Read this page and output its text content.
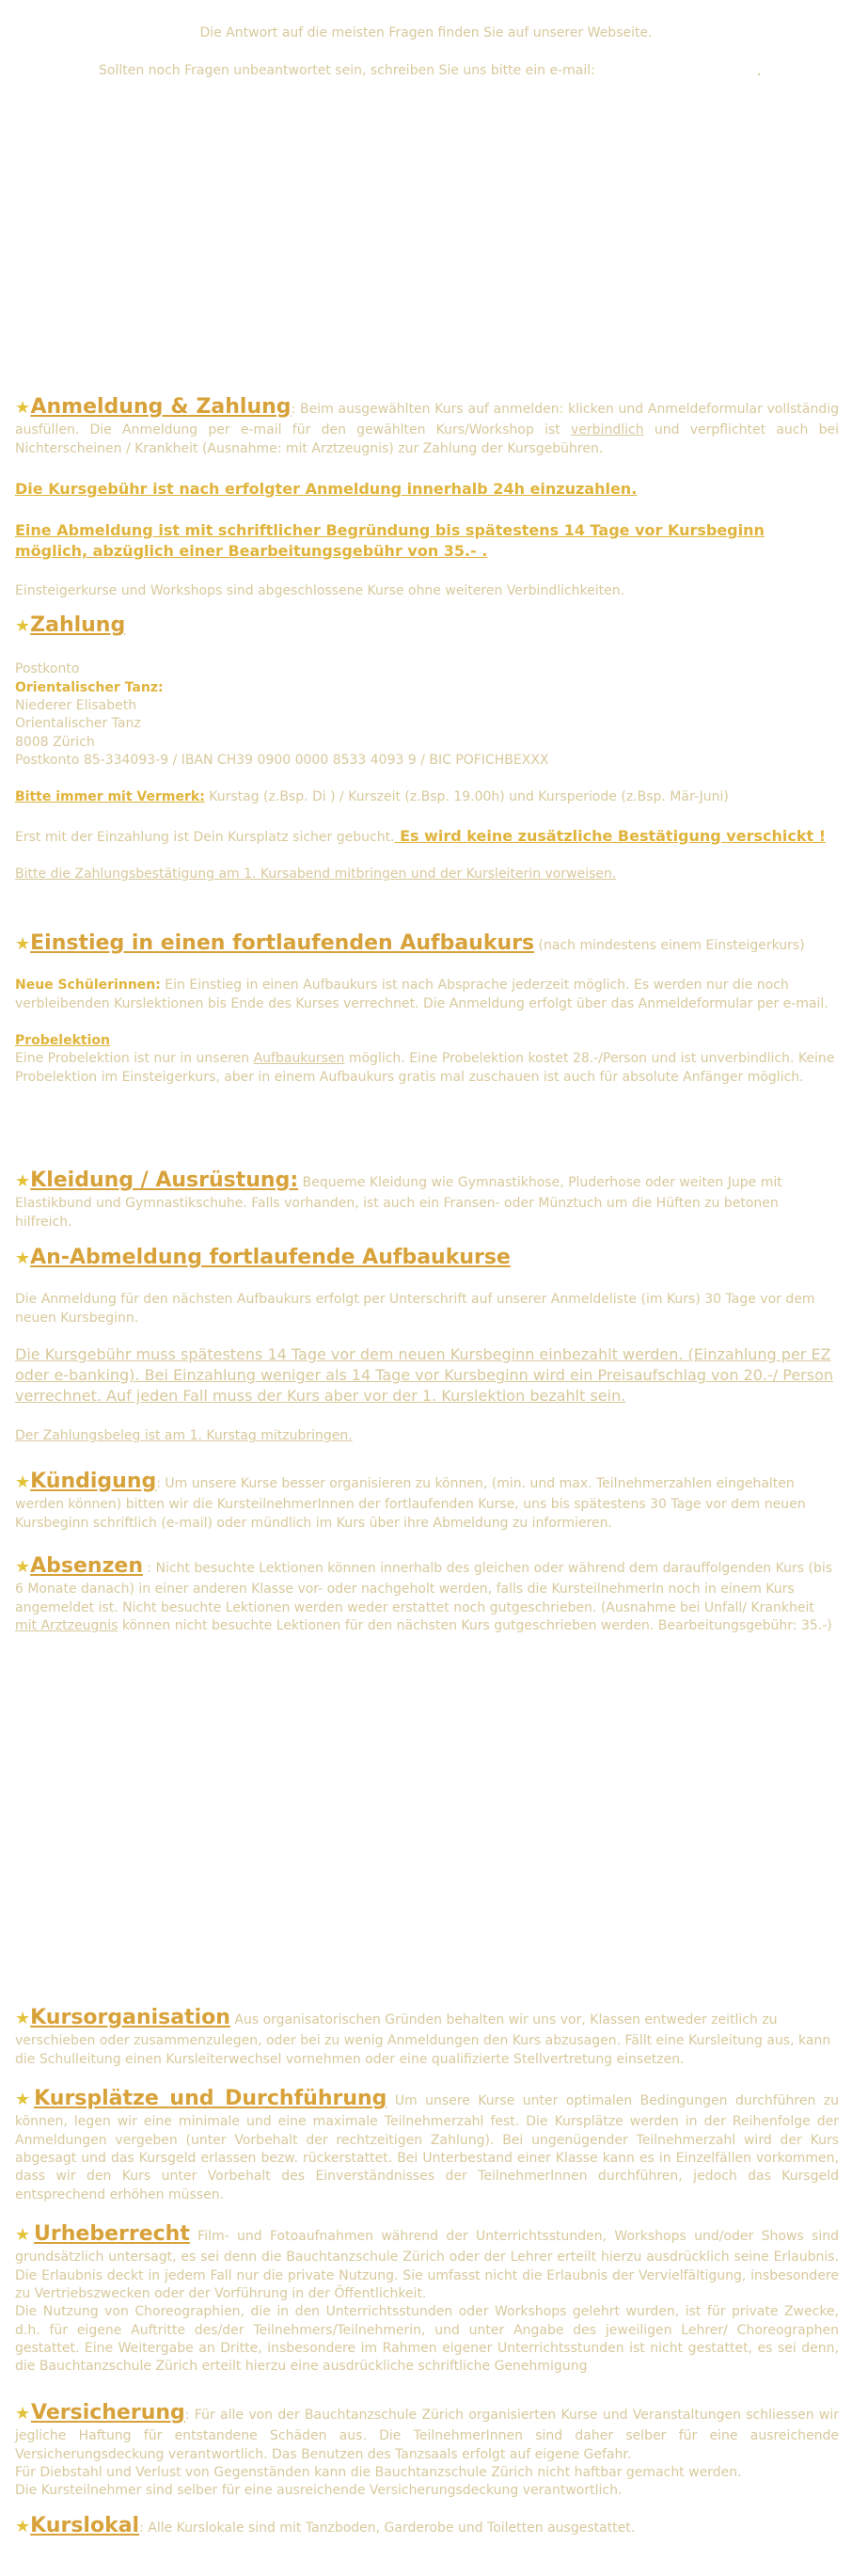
Die Antwort auf die meisten Fragen finden Sie auf unserer Webseite.
Sollten noch Fragen unbeantwortet sein, schreiben Sie uns bitte ein e-mail:

★Anmeldung & Zahlung: Beim ausgewählten Kurs auf anmelden: klicken und Anmeldeformular vollständig ausfüllen. Die Anmeldung per e-mail für den gewählten Kurs/Workshop ist verbindlich und verpflichtet auch bei Nichterscheinen / Krankheit (Ausnahme: mit Arztzeugnis) zur Zahlung der Kursgebühren.

Die Kursgebühr ist nach erfolgter Anmeldung innerhalb 24h einzuzahlen.

Eine Abmeldung ist mit schriftlicher Begründung bis spätestens 14 Tage vor Kursbeginn möglich, abzüglich einer Bearbeitungsgebühr von 35.- .

Einsteigerkurse und Workshops sind abgeschlossene Kurse ohne weiteren Verbindlichkeiten.

★Zahlung

Postkonto

Orientalischer Tanz:

Niederer Elisabeth

Orientalischer Tanz

8008 Zürich

Postkonto 85-334093-9 / IBAN CH39 0900 0000 8533 4093 9 / BIC POFICHBEXXX

Bitte immer mit Vermerk: Kurstag (z.Bsp. Di ) / Kurszeit (z.Bsp. 19.00h) und Kursperiode (z.Bsp. Mär-Juni)

Erst mit der Einzahlung ist Dein Kursplatz sicher gebucht. Es wird keine zusätzliche Bestätigung verschickt !

Bitte die Zahlungsbestätigung am 1. Kursabend mitbringen und der Kursleiterin vorweisen.

★Einstieg in einen fortlaufenden Aufbaukurs (nach mindestens einem Einsteigerkurs)

Neue Schülerinnen: Ein Einstieg in einen Aufbaukurs ist nach Absprache jederzeit möglich. Es werden nur die noch verbleibenden Kurslektionen bis Ende des Kurses verrechnet. Die Anmeldung erfolgt über das Anmeldeformular per e-mail.

Probelektion

Eine Probelektion ist nur in unseren Aufbaukursen möglich. Eine Probelektion kostet 28.-/Person und ist unverbindlich. Keine Probelektion im Einsteigerkurs, aber in einem Aufbaukurs gratis mal zuschauen ist auch für absolute Anfänger möglich.

★Kleidung / Ausrüstung: Bequeme Kleidung wie Gymnastikhose, Pluderhose oder weiten Jupe mit Elastikbund und Gymnastikschuhe. Falls vorhanden, ist auch ein Fransen- oder Münztuch um die Hüften zu betonen hilfreich.

★An-Abmeldung fortlaufende Aufbaukurse

Die Anmeldung für den nächsten Aufbaukurs erfolgt per Unterschrift auf unserer Anmeldeliste (im Kurs) 30 Tage vor dem neuen Kursbeginn.

Die Kursgebühr muss spätestens 14 Tage vor dem neuen Kursbeginn einbezahlt werden. (Einzahlung per EZ oder e-banking). Bei Einzahlung weniger als 14 Tage vor Kursbeginn wird ein Preisaufschlag von 20.-/ Person verrechnet. Auf jeden Fall muss der Kurs aber vor der 1. Kurslektion bezahlt sein.

Der Zahlungsbeleg ist am 1. Kurstag mitzubringen.

★Kündigung: Um unsere Kurse besser organisieren zu können, (min. und max. Teilnehmerzahlen eingehalten werden können) bitten wir die KursteilnehmerInnen der fortlaufenden Kurse, uns bis spätestens 30 Tage vor dem neuen Kursbeginn schriftlich (e-mail) oder mündlich im Kurs über ihre Abmeldung zu informieren.

★Absenzen : Nicht besuchte Lektionen können innerhalb des gleichen oder während dem darauffolgenden Kurs (bis 6 Monate danach) in einer anderen Klasse vor- oder nachgeholt werden, falls die KursteilnehmerIn noch in einem Kurs angemeldet ist. Nicht besuchte Lektionen werden weder erstattet noch gutgeschrieben. (Ausnahme bei Unfall/ Krankheit mit Arztzeugnis können nicht besuchte Lektionen für den nächsten Kurs gutgeschrieben werden. Bearbeitungsgebühr: 35.-)

★Kursorganisation Aus organisatorischen Gründen behalten wir uns vor, Klassen entweder zeitlich zu verschieben oder zusammenzulegen, oder bei zu wenig Anmeldungen den Kurs abzusagen. Fällt eine Kursleitung aus, kann die Schulleitung einen Kursleiterwechsel vornehmen oder eine qualifizierte Stellvertretung einsetzen.

★Kursplätze und Durchführung Um unsere Kurse unter optimalen Bedingungen durchführen zu können, legen wir eine minimale und eine maximale Teilnehmerzahl fest. Die Kursplätze werden in der Reihenfolge der Anmeldungen vergeben (unter Vorbehalt der rechtzeitigen Zahlung). Bei ungenügender Teilnehmerzahl wird der Kurs abgesagt und das Kursgeld erlassen bezw. rückerstattet. Bei Unterbestand einer Klasse kann es in Einzelfällen vorkommen, dass wir den Kurs unter Vorbehalt des Einverständnisses der TeilnehmerInnen durchführen, jedoch das Kursgeld entsprechend erhöhen müssen.

★Urheberrecht Film- und Fotoaufnahmen während der Unterrichtsstunden, Workshops und/oder Shows sind grundsätzlich untersagt, es sei denn die Bauchtanzschule Zürich oder der Lehrer erteilt hierzu ausdrücklich seine Erlaubnis. Die Erlaubnis deckt in jedem Fall nur die private Nutzung. Sie umfasst nicht die Erlaubnis der Vervielfältigung, insbesondere zu Vertriebszwecken oder der Vorführung in der Öffentlichkeit.

Die Nutzung von Choreographien, die in den Unterrichtsstunden oder Workshops gelehrt wurden, ist für private Zwecke, d.h. für eigene Auftritte des/der Teilnehmers/Teilnehmerin, und unter Angabe des jeweiligen Lehrer/ Choreographen gestattet. Eine Weitergabe an Dritte, insbesondere im Rahmen eigener Unterrichtsstunden ist nicht gestattet, es sei denn, die Bauchtanzschule Zürich erteilt hierzu eine ausdrückliche schriftliche Genehmigung

★Versicherung: Für alle von der Bauchtanzschule Zürich organisierten Kurse und Veranstaltungen schliessen wir jegliche Haftung für entstandene Schäden aus. Die TeilnehmerInnen sind daher selber für eine ausreichende Versicherungsdeckung verantwortlich. Das Benutzen des Tanzsaals erfolgt auf eigene Gefahr.

Für Diebstahl und Verlust von Gegenständen kann die Bauchtanzschule Zürich nicht haftbar gemacht werden.

Die Kursteilnehmer sind selber für eine ausreichende Versicherungsdeckung verantwortlich.

★Kurslokal: Alle Kurslokale sind mit Tanzboden, Garderobe und Toiletten ausgestattet.
